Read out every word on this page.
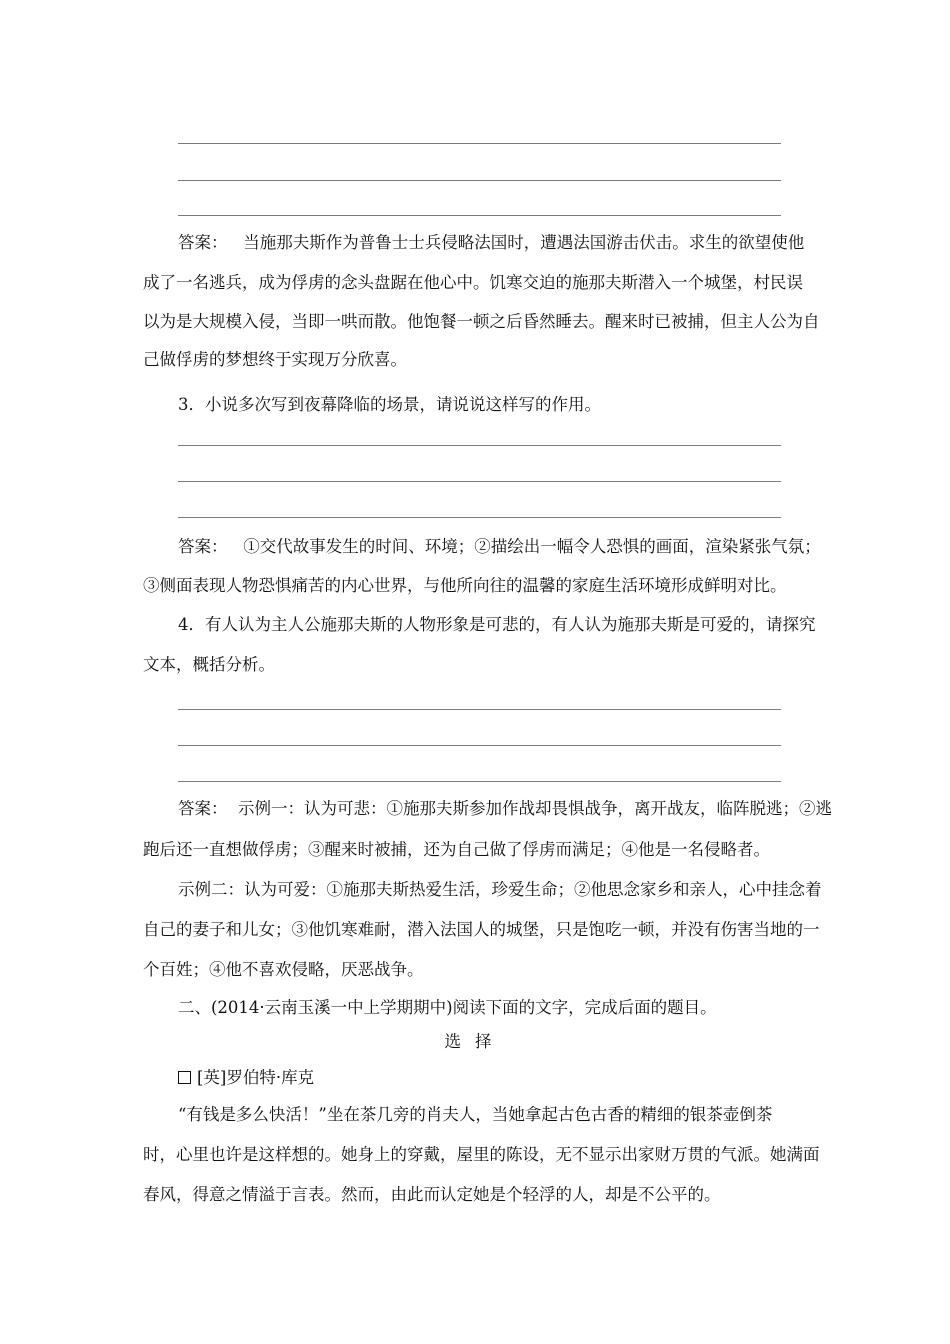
答案： 当施那夫斯作为普鲁士士兵侵略法国时，遭遇法国游击伏击。求生的欲望使他
成了一名逃兵，成为俘虏的念头盘踞在他心中。饥寒交迫的施那夫斯潜入一个城堡，村民误
以为是大规模入侵，当即一哄而散。他饱餐一顿之后昏然睡去。醒来时已被捕，但主人公为自
己做俘虏的梦想终于实现万分欣喜。
3．小说多次写到夜幕降临的场景，请说说这样写的作用。
答案： ①交代故事发生的时间、环境；②描绘出一幅令人恐惧的画面，渲染紧张气氛；
③侧面表现人物恐惧痛苦的内心世界，与他所向往的温馨的家庭生活环境形成鲜明对比。
4．有人认为主人公施那夫斯的人物形象是可悲的，有人认为施那夫斯是可爱的，请探究
文本，概括分析。
答案： 示例一：认为可悲：①施那夫斯参加作战却畏惧战争，离开战友，临阵脱逃；②逃
跑后还一直想做俘虏；③醒来时被捕，还为自己做了俘虏而满足；④他是一名侵略者。
示例二：认为可爱：①施那夫斯热爱生活，珍爱生命；②他思念家乡和亲人，心中挂念着
自己的妻子和儿女；③他饥寒难耐，潜入法国人的城堡，只是饱吃一顿，并没有伤害当地的一
个百姓；④他不喜欢侵略，厌恶战争。
二、(2014·云南玉溪一中上学期期中)阅读下面的文字，完成后面的题目。
选择
[英]罗伯特·库克
“有钱是多么快活！”坐在茶几旁的肖夫人，当她拿起古色古香的精细的银茶壶倒茶
时，心里也许是这样想的。她身上的穿戴，屋里的陈设，无不显示出家财万贯的气派。她满面
春风，得意之情溢于言表。然而，由此而认定她是个轻浮的人，却是不公平的。
